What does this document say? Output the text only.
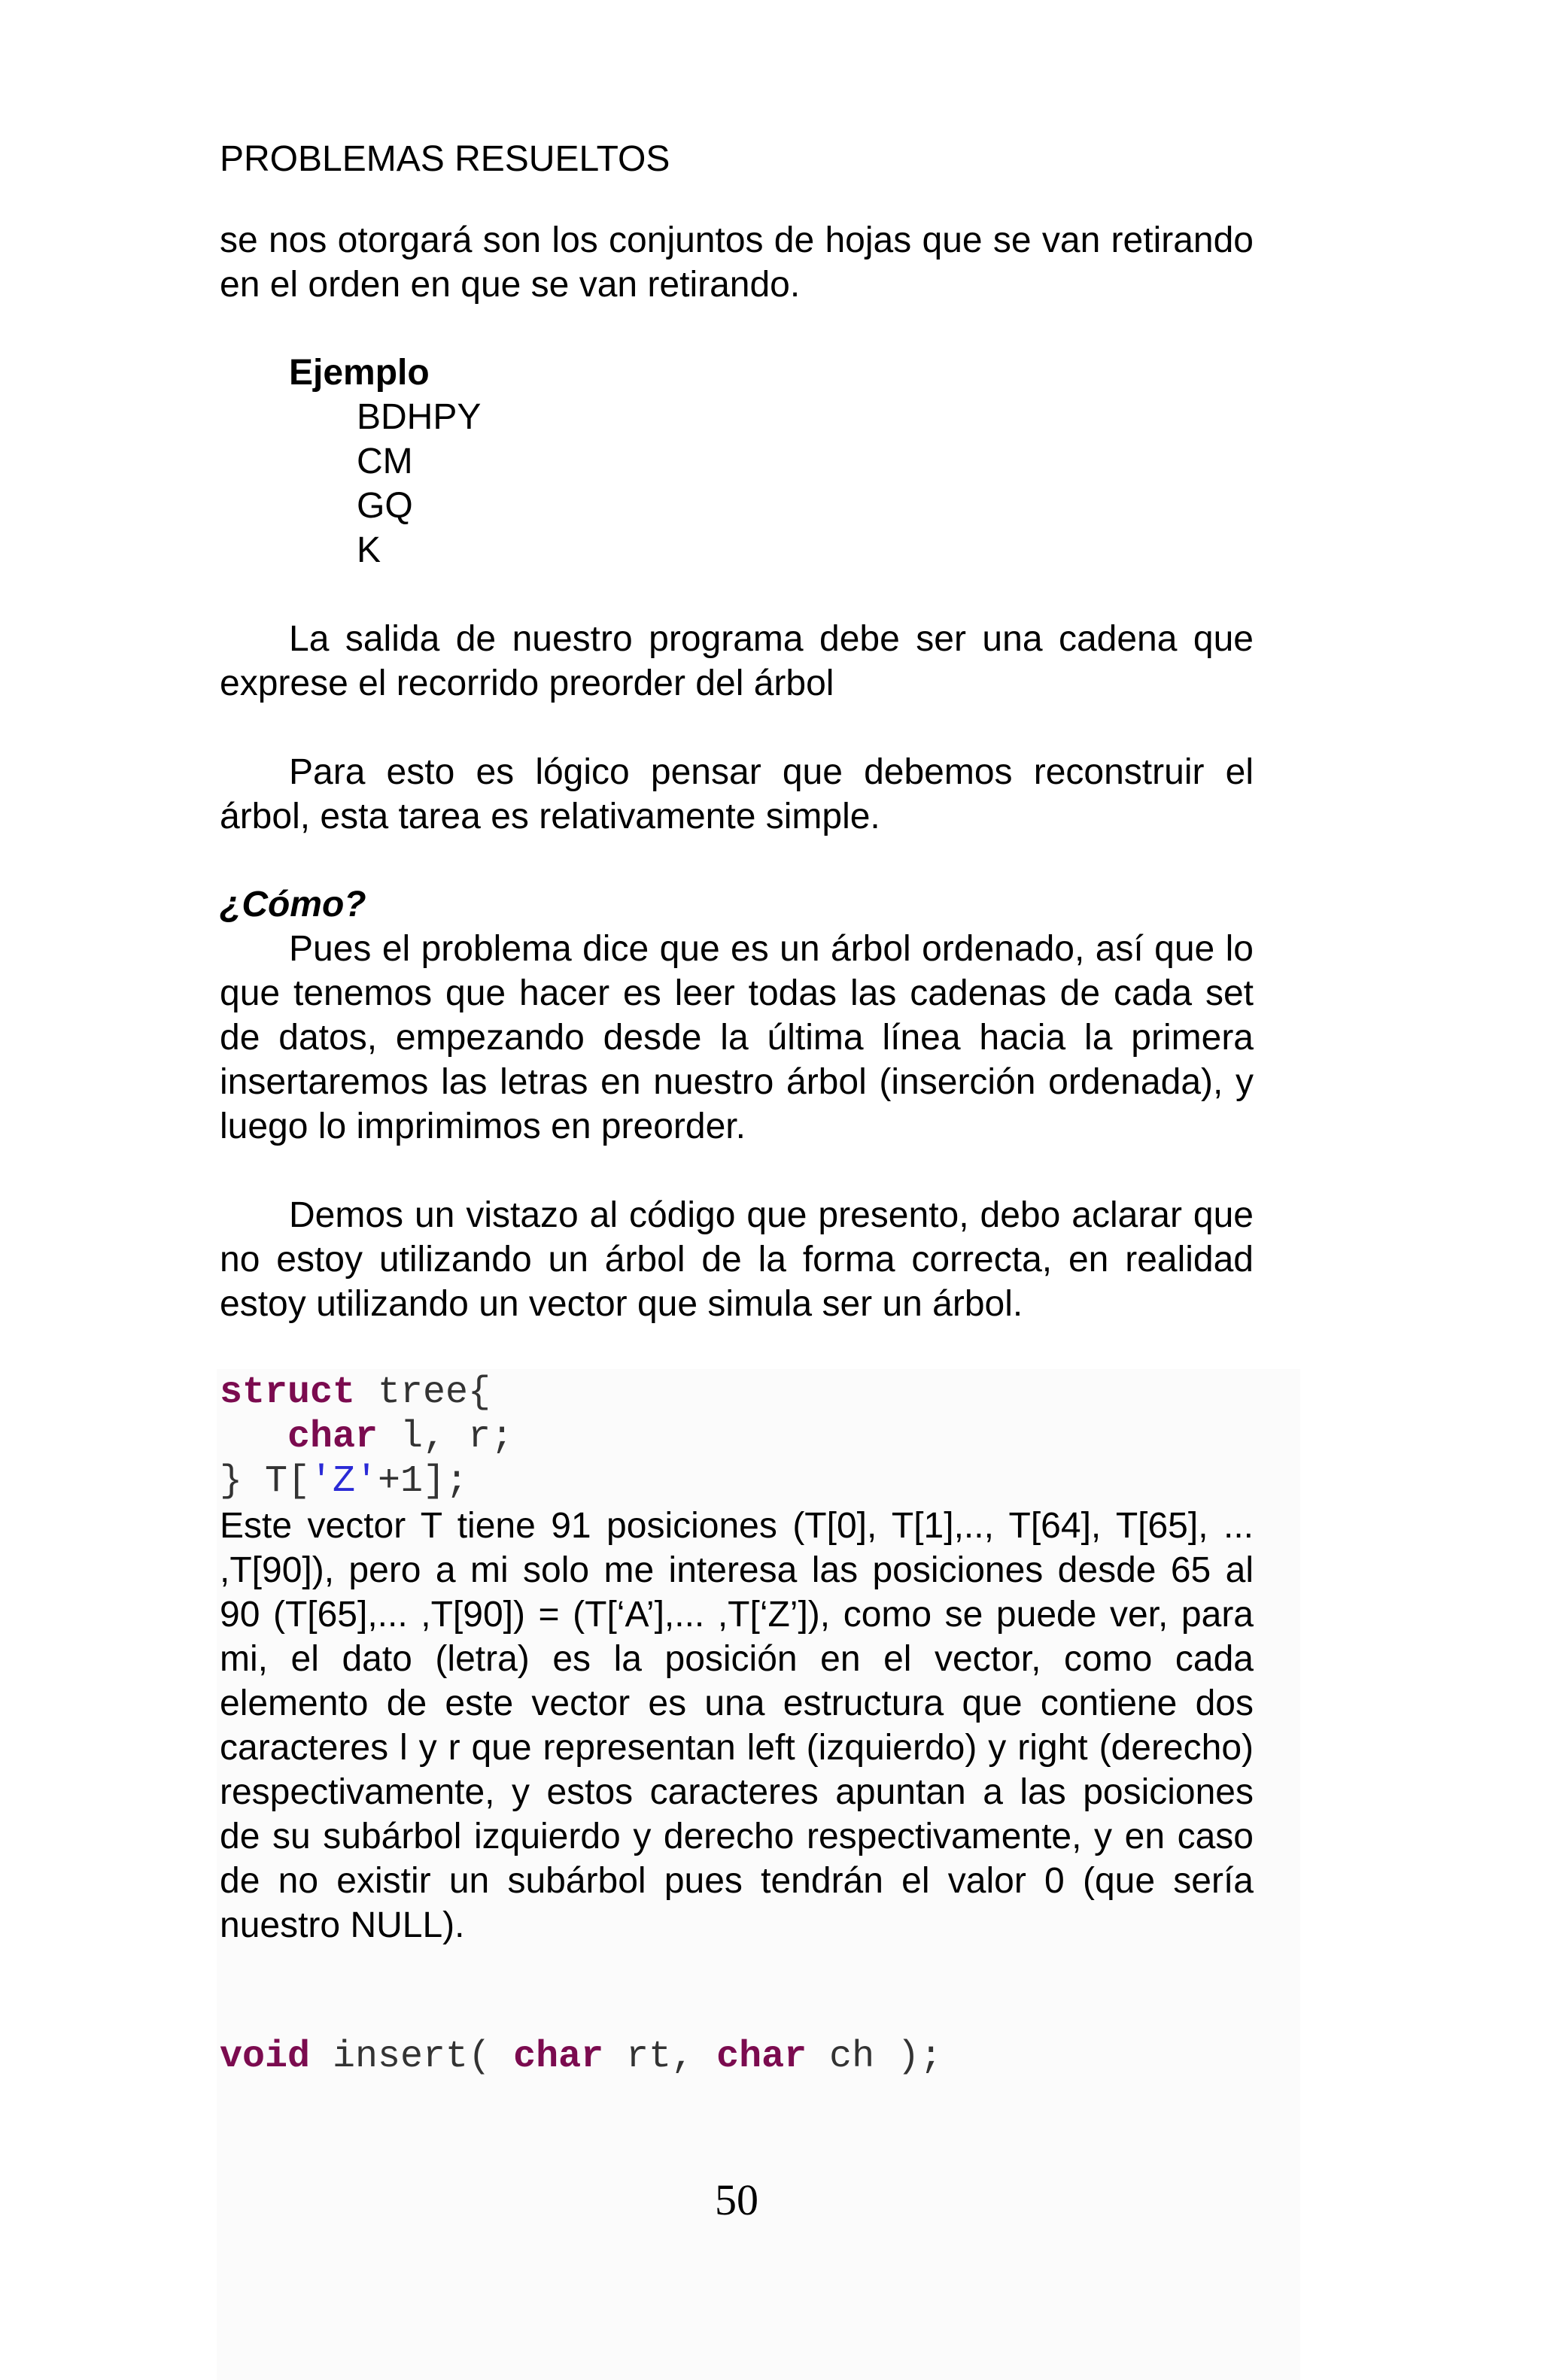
PROBLEMAS RESUELTOS

se nos otorgará son los conjuntos de hojas que se van retirando en el orden en que se van retirando.

Ejemplo
BDHPY
CM
GQ
K

La salida de nuestro programa debe ser una cadena que exprese el recorrido preorder del árbol

Para esto es lógico pensar que debemos reconstruir el árbol, esta tarea es relativamente simple.

¿Cómo?

Pues el problema dice que es un árbol ordenado, así que lo que tenemos que hacer es leer todas las cadenas de cada set de datos, empezando desde la última línea hacia la primera insertaremos las letras en nuestro árbol (inserción ordenada), y luego lo imprimimos en preorder.

Demos un vistazo al código que presento, debo aclarar que no estoy utilizando un árbol de la forma correcta, en realidad estoy utilizando un vector que simula ser un árbol.

struct tree{
char l, r;
} T['Z'+1];

Este vector T tiene 91 posiciones (T[0], T[1],.., T[64], T[65], ... ,T[90]), pero a mi solo me interesa las posiciones desde 65 al 90 (T[65],... ,T[90]) = (T[‘A’],... ,T[‘Z’]), como se puede ver, para mi, el dato (letra) es la posición en el vector, como cada elemento de este vector es una estructura que contiene dos caracteres l y r que representan left (izquierdo) y right (derecho) respectivamente, y estos caracteres apuntan a las posiciones de su subárbol izquierdo y derecho respectivamente, y en caso de no existir un subárbol pues tendrán el valor 0 (que sería nuestro NULL).

void insert( char rt, char ch );
50
